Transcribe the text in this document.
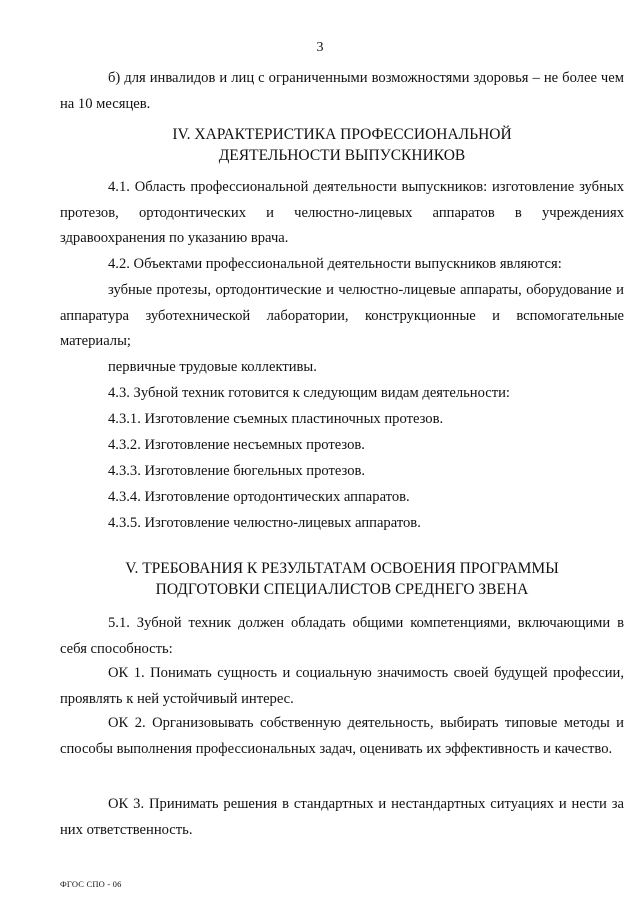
3

б) для инвалидов и лиц с ограниченными возможностями здоровья – не более чем на 10 месяцев.

IV. ХАРАКТЕРИСТИКА ПРОФЕССИОНАЛЬНОЙ
ДЕЯТЕЛЬНОСТИ ВЫПУСКНИКОВ

4.1. Область профессиональной деятельности выпускников: изготовление зубных протезов, ортодонтических и челюстно-лицевых аппаратов в учреждениях здравоохранения по указанию врача.

4.2. Объектами профессиональной деятельности выпускников являются:

зубные протезы, ортодонтические и челюстно-лицевые аппараты, оборудование и аппаратура зуботехнической лаборатории, конструкционные и вспомогательные материалы;

первичные трудовые коллективы.

4.3. Зубной техник готовится к следующим видам деятельности:

4.3.1. Изготовление съемных пластиночных протезов.
4.3.2. Изготовление несъемных протезов.
4.3.3. Изготовление бюгельных протезов.
4.3.4. Изготовление ортодонтических аппаратов.
4.3.5. Изготовление челюстно-лицевых аппаратов.
V. ТРЕБОВАНИЯ К РЕЗУЛЬТАТАМ ОСВОЕНИЯ ПРОГРАММЫ
ПОДГОТОВКИ СПЕЦИАЛИСТОВ СРЕДНЕГО ЗВЕНА

5.1. Зубной техник должен обладать общими компетенциями, включающими в себя способность:

ОК 1. Понимать сущность и социальную значимость своей будущей профессии, проявлять к ней устойчивый интерес.

ОК 2. Организовывать собственную деятельность, выбирать типовые методы и способы выполнения профессиональных задач, оценивать их эффективность и качество.

ОК 3. Принимать решения в стандартных и нестандартных ситуациях и нести за них ответственность.

ФГОС СПО - 06
